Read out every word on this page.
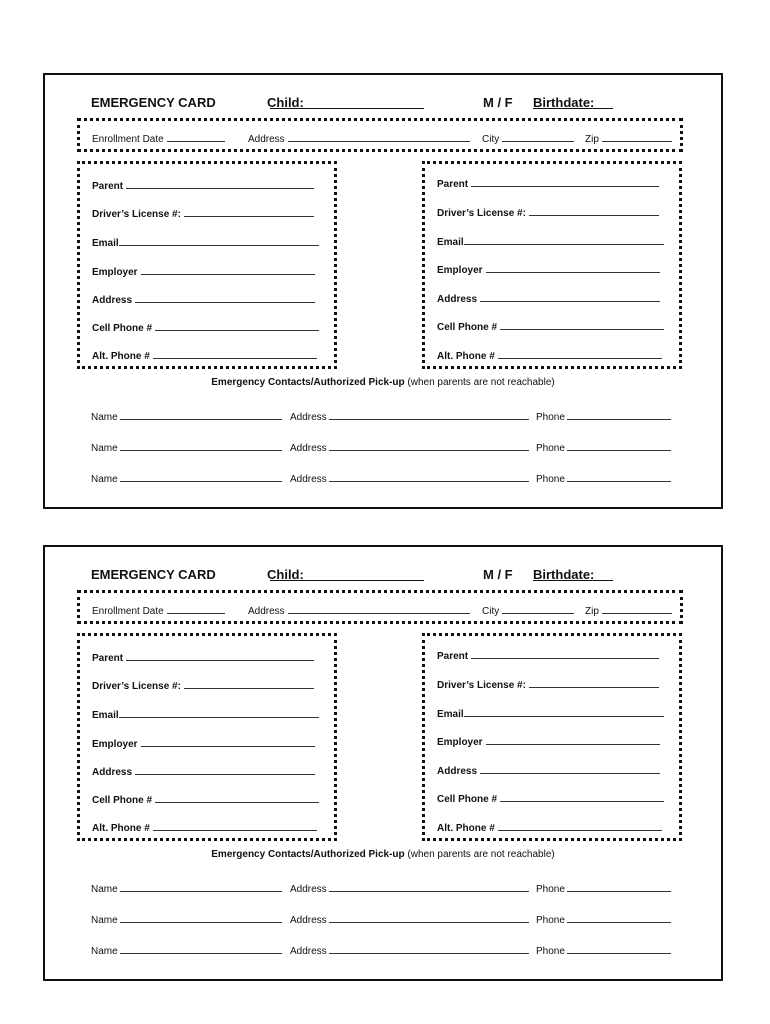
EMERGENCY CARD	Child:	M / F Birthdate:
Enrollment Date	Address	City	Zip
Parent
Driver’s License #:
Email
Employer
Address
Cell Phone #
Alt. Phone #
Parent
Driver’s License #:
Email
Employer
Address
Cell Phone #
Alt. Phone #
Emergency Contacts/Authorized Pick-up (when parents are not reachable)
Name	Address	Phone
Name	Address	Phone
Name	Address	Phone
EMERGENCY CARD	Child:	M / F Birthdate:
Enrollment Date	Address	City	Zip
Parent
Driver’s License #:
Email
Employer
Address
Cell Phone #
Alt. Phone #
Parent
Driver’s License #:
Email
Employer
Address
Cell Phone #
Alt. Phone #
Emergency Contacts/Authorized Pick-up (when parents are not reachable)
Name	Address	Phone
Name	Address	Phone
Name	Address	Phone
